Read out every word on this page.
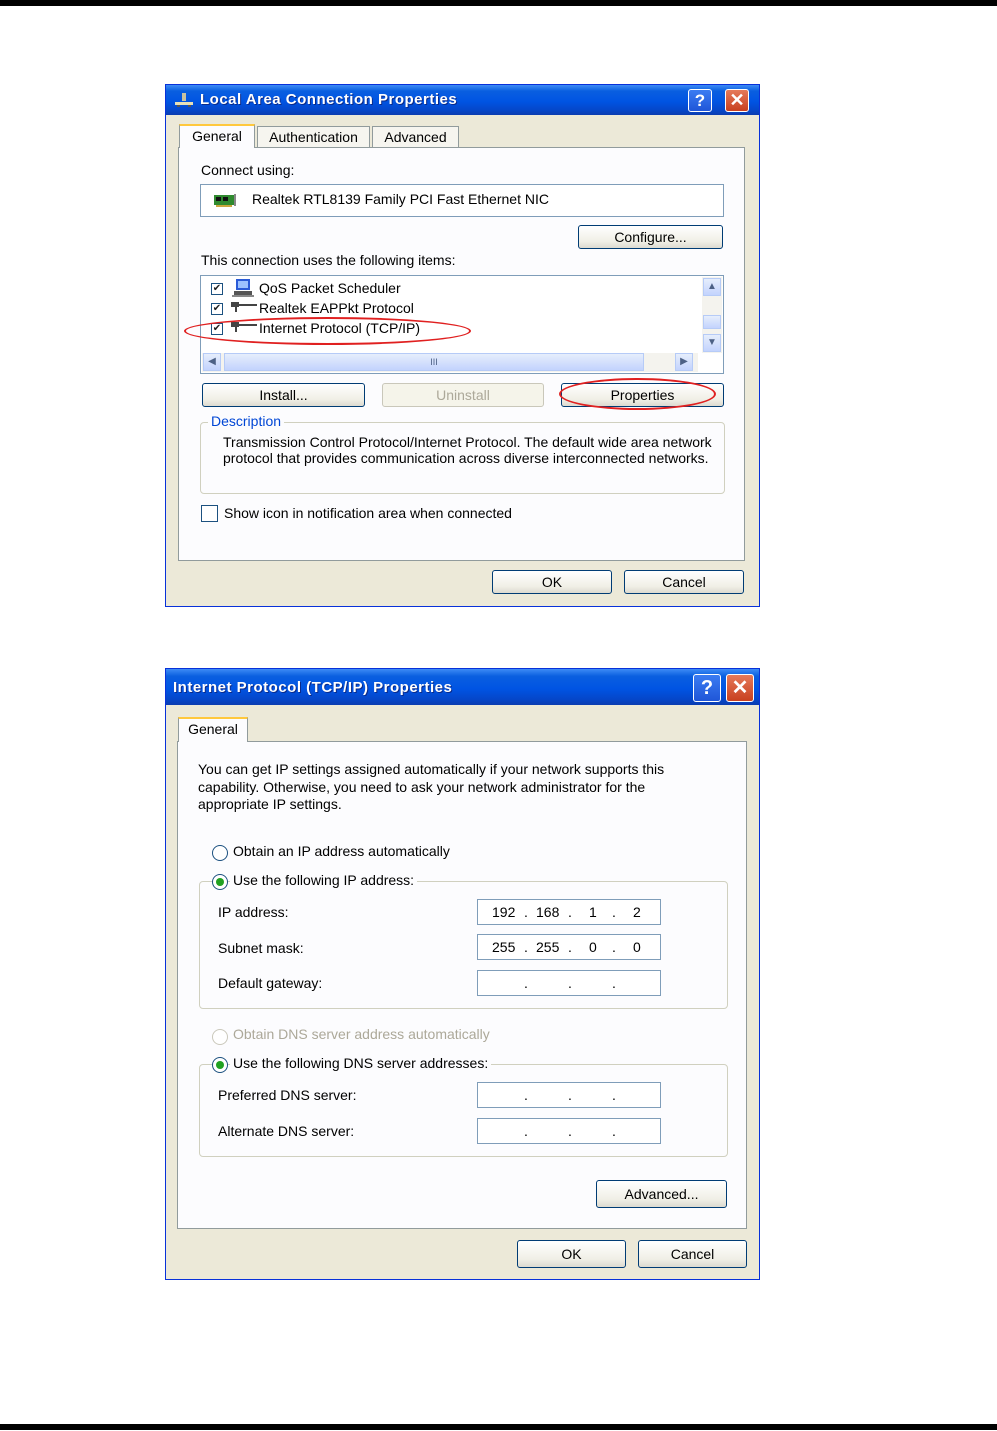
Local Area Connection Properties	?	✕
General	Authentication	Advanced
Connect using:
Realtek RTL8139 Family PCI Fast Ethernet NIC
Configure...
This connection uses the following items:
✔	QoS Packet Scheduler
✔	Realtek EAPPkt Protocol
✔	Internet Protocol (TCP/IP)
▲
▼
◀	III	▶
Install...	Uninstall	Properties
Description
Transmission Control Protocol/Internet Protocol. The default wide area network protocol that provides communication across diverse interconnected networks.
Show icon in notification area when connected
OK	Cancel
Internet Protocol (TCP/IP) Properties	? ✕
General
You can get IP settings assigned automatically if your network supports this capability. Otherwise, you need to ask your network administrator for the appropriate IP settings.
Obtain an IP address automatically
Use the following IP address:
IP address:	192 . 168 . 1 . 2
Subnet mask:	255 . 255 . 0 . 0
Default gateway:	.	.	.
Obtain DNS server address automatically
Use the following DNS server addresses:
Preferred DNS server:	.	.	.
Alternate DNS server:	.	.	.
Advanced...
OK	Cancel
